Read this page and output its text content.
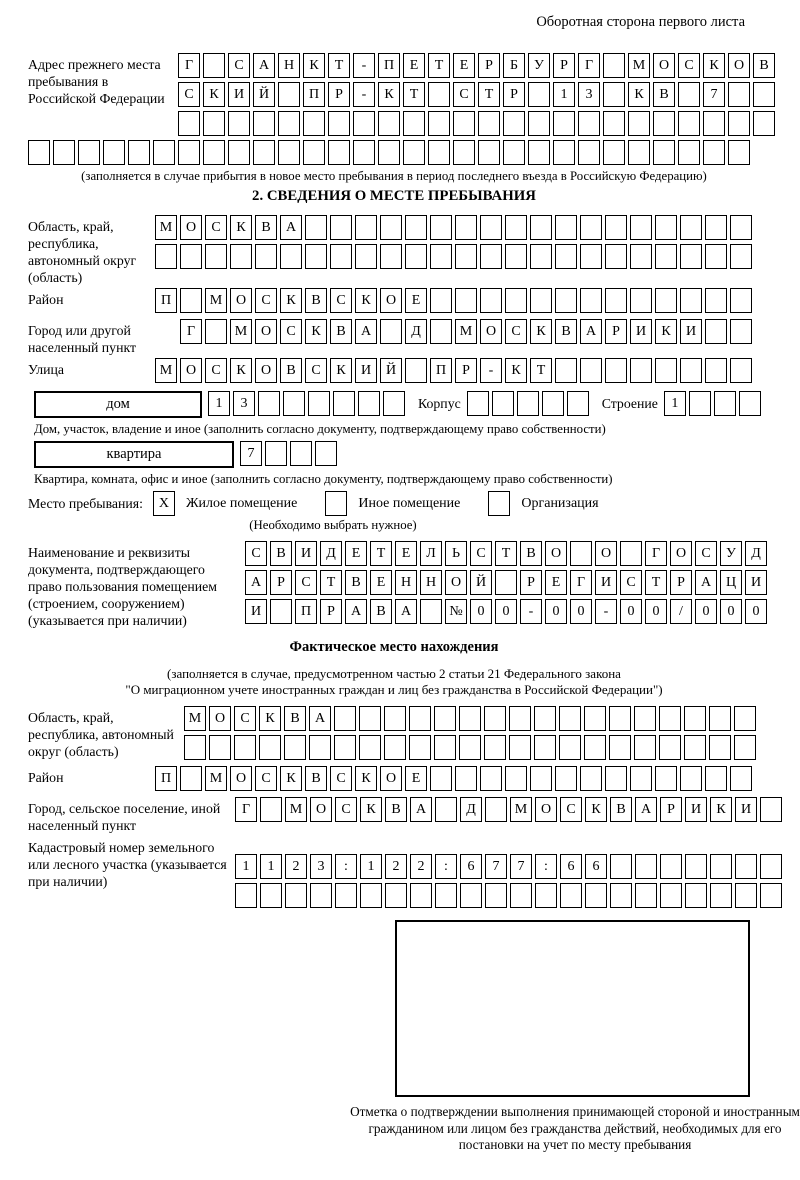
Оборотная сторона первого листа
Адрес прежнего места пребывания в Российской Федерации
Г	С	А	Н	К	Т	-	П	Е	Т	Е	Р	Б	У	Р	Г	М О	С	К	О	В
С	К	И	Й	П	Р	-	К	Т	С	Т	Р	1	3	К	В	7
(заполняется в случае прибытия в новое место пребывания в период последнего въезда в Российскую Федерацию)
2. СВЕДЕНИЯ О МЕСТЕ ПРЕБЫВАНИЯ
Область, край, республика, автономный округ (область)
М О	С	К	В	А
Район	П	М О	С	К	В	С	К	О	Е
Город или другой населенный пункт
Г	М О	С	К	В	А	Д	М О	С	К	В	А	Р	И	К	И
Улица	М О	С	К	О	В	С	К	И	Й	П	Р	-	К	Т
дом	1	3	Корпус	Строение 1
Дом, участок, владение и иное (заполнить согласно документу, подтверждающему право собственности)
квартира	7
Квартира, комната, офис и иное (заполнить согласно документу, подтверждающему право собственности)
Место пребывания:	X	Жилое помещение	Иное помещение	Организация
(Необходимо выбрать нужное)
Наименование и реквизиты документа, подтверждающего право пользования помещением (строением, сооружением) (указывается при наличии)
С	В	И	Д	Е	Т	Е	Л	Ь	С	Т	В	О	О	Г	О	С	У	Д
А	Р	С	Т	В	Е	Н	Н	О	Й	Р	Е	Г	И	С	Т	Р	А	Ц	И
И	П	Р	А	В	А	№	0	0	-	0	0	-	0	0	/	0	0	0
Фактическое место нахождения
(заполняется в случае, предусмотренном частью 2 статьи 21 Федерального закона
"О миграционном учете иностранных граждан и лиц без гражданства в Российской Федерации")
Область, край, республика, автономный округ (область)
М О	С	К	В	А
Район	П	М О	С	К	В	С	К	О	Е
Город, сельское поселение, иной населенный пункт
Г	М О	С	К	В	А	Д	М О	С	К	В	А	Р	И	К	И
Кадастровый номер земельного или лесного участка (указывается при наличии)
1	1	2	3	:	1	2	2	:	6	7	7	:	6	6
Отметка о подтверждении выполнения принимающей стороной и иностранным гражданином или лицом без гражданства действий, необходимых для его постановки на учет по месту пребывания
